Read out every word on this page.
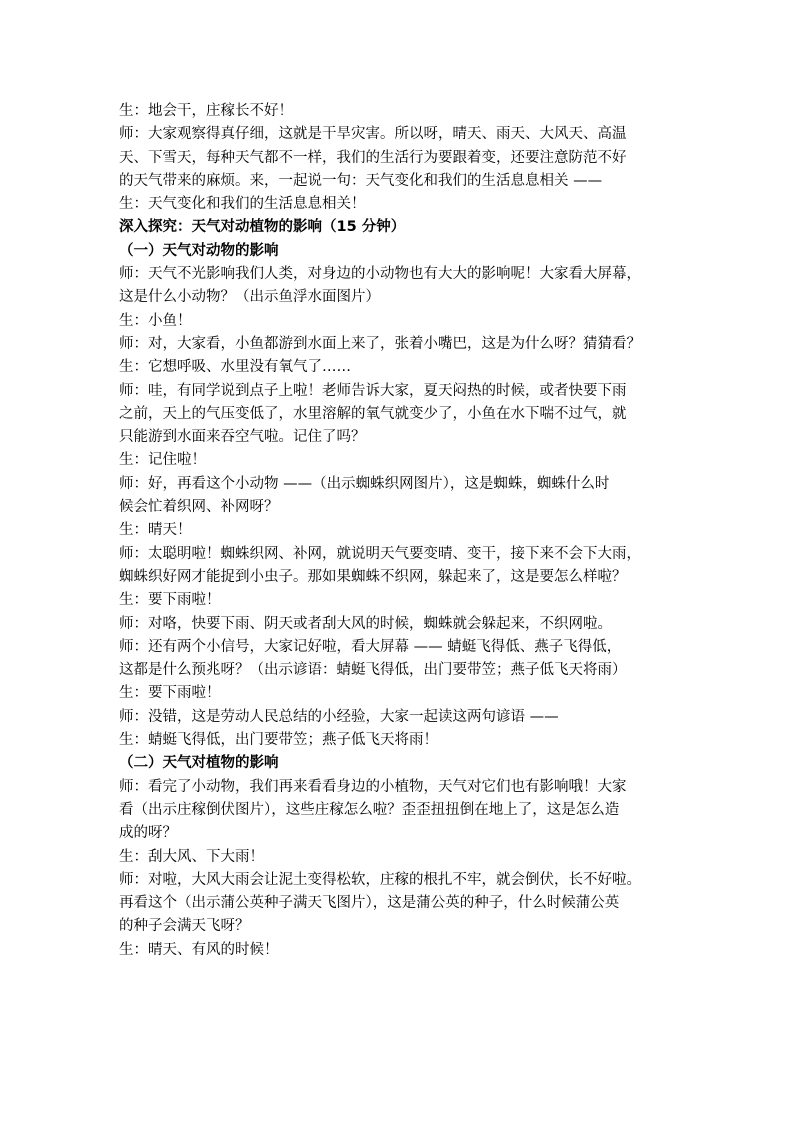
生：地会干，庄稼长不好！
师：大家观察得真仔细，这就是干旱灾害。所以呀，晴天、雨天、大风天、高温
天、下雪天，每种天气都不一样，我们的生活行为要跟着变，还要注意防范不好
的天气带来的麻烦。来，一起说一句：天气变化和我们的生活息息相关 ——
生：天气变化和我们的生活息息相关！
深入探究：天气对动植物的影响（15 分钟）
（一）天气对动物的影响
师：天气不光影响我们人类，对身边的小动物也有大大的影响呢！大家看大屏幕，
这是什么小动物？（出示鱼浮水面图片）
生：小鱼！
师：对，大家看，小鱼都游到水面上来了，张着小嘴巴，这是为什么呀？猜猜看？
生：它想呼吸、水里没有氧气了……
师：哇，有同学说到点子上啦！老师告诉大家，夏天闷热的时候，或者快要下雨
之前，天上的气压变低了，水里溶解的氧气就变少了，小鱼在水下喘不过气，就
只能游到水面来吞空气啦。记住了吗？
生：记住啦！
师：好，再看这个小动物 ——（出示蜘蛛织网图片），这是蜘蛛，蜘蛛什么时
候会忙着织网、补网呀？
生：晴天！
师：太聪明啦！蜘蛛织网、补网，就说明天气要变晴、变干，接下来不会下大雨，
蜘蛛织好网才能捉到小虫子。那如果蜘蛛不织网，躲起来了，这是要怎么样啦？
生：要下雨啦！
师：对咯，快要下雨、阴天或者刮大风的时候，蜘蛛就会躲起来，不织网啦。
师：还有两个小信号，大家记好啦，看大屏幕 —— 蜻蜓飞得低、燕子飞得低，
这都是什么预兆呀？（出示谚语：蜻蜓飞得低，出门要带笠；燕子低飞天将雨）
生：要下雨啦！
师：没错，这是劳动人民总结的小经验，大家一起读这两句谚语 ——
生：蜻蜓飞得低，出门要带笠；燕子低飞天将雨！
（二）天气对植物的影响
师：看完了小动物，我们再来看看身边的小植物，天气对它们也有影响哦！大家
看（出示庄稼倒伏图片），这些庄稼怎么啦？歪歪扭扭倒在地上了，这是怎么造
成的呀？
生：刮大风、下大雨！
师：对啦，大风大雨会让泥土变得松软，庄稼的根扎不牢，就会倒伏，长不好啦。
再看这个（出示蒲公英种子满天飞图片），这是蒲公英的种子，什么时候蒲公英
的种子会满天飞呀？
生：晴天、有风的时候！
